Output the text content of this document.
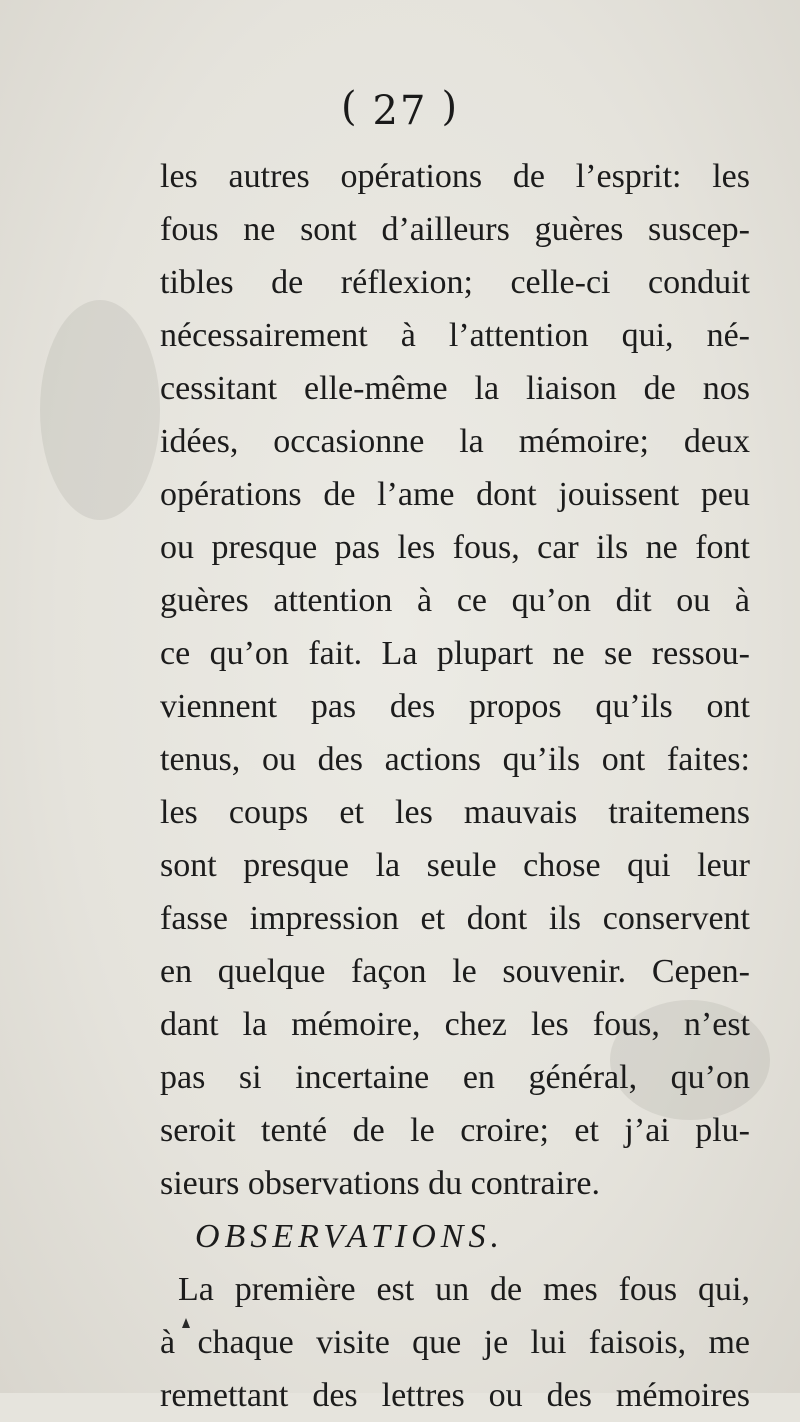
( 27 )
les autres opérations de l’esprit: les
fous ne sont d’ailleurs guères suscep-
tibles de réflexion; celle-ci conduit
nécessairement à l’attention qui, né-
cessitant elle-même la liaison de nos
idées, occasionne la mémoire; deux
opérations de l’ame dont jouissent peu
ou presque pas les fous, car ils ne font
guères attention à ce qu’on dit ou à
ce qu’on fait. La plupart ne se ressou-
viennent pas des propos qu’ils ont
tenus, ou des actions qu’ils ont faites:
les coups et les mauvais traitemens
sont presque la seule chose qui leur
fasse impression et dont ils conservent
en quelque façon le souvenir. Cepen-
dant la mémoire, chez les fous, n’est
pas si incertaine en général, qu’on
seroit tenté de le croire; et j’ai plu-
sieurs observations du contraire.
OBSERVATIONS.
La première est un de mes fous qui,
à chaque visite que je lui faisois, me
remettant des lettres ou des mémoires
